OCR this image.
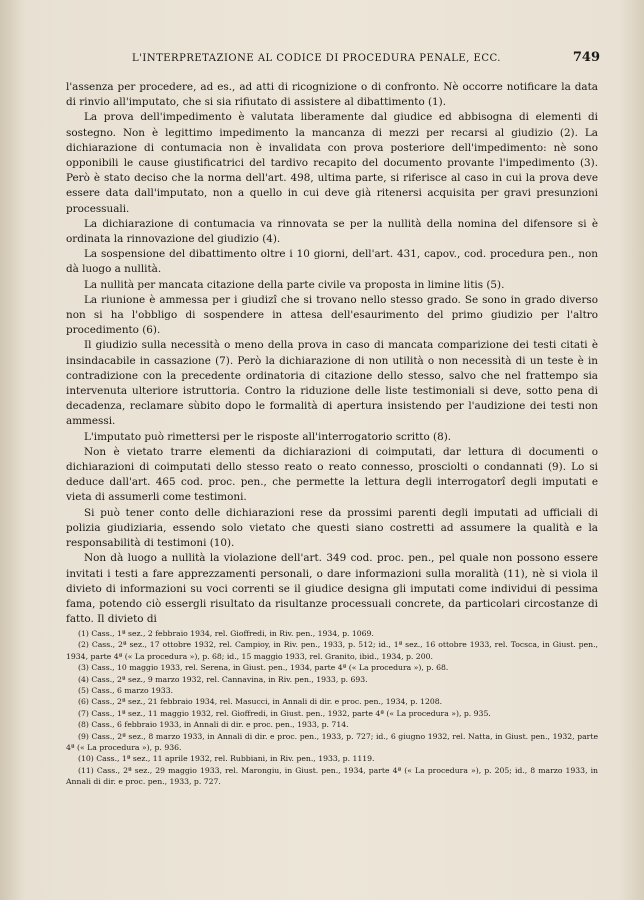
L'INTERPRETAZIONE AL CODICE DI PROCEDURA PENALE, ECC.	749

l'assenza per procedere, ad es., ad atti di ricognizione o di confronto. Nè occorre notificare la data di rinvio all'imputato, che si sia rifiutato di assistere al dibattimento (1).

La prova dell'impedimento è valutata liberamente dal giudice ed abbisogna di elementi di sostegno. Non è legittimo impedimento la mancanza di mezzi per recarsi al giudizio (2). La dichiarazione di contumacia non è invalidata con prova posteriore dell'impedimento: nè sono opponibili le cause giustificatrici del tardivo recapito del documento provante l'impedimento (3). Però è stato deciso che la norma dell'art. 498, ultima parte, si riferisce al caso in cui la prova deve essere data dall'imputato, non a quello in cui deve già ritenersi acquisita per gravi presunzioni processuali.

La dichiarazione di contumacia va rinnovata se per la nullità della nomina del difensore si è ordinata la rinnovazione del giudizio (4).

La sospensione del dibattimento oltre i 10 giorni, dell'art. 431, capov., cod. procedura pen., non dà luogo a nullità.

La nullità per mancata citazione della parte civile va proposta in limine litis (5).

La riunione è ammessa per i giudizî che si trovano nello stesso grado. Se sono in grado diverso non si ha l'obbligo di sospendere in attesa dell'esaurimento del primo giudizio per l'altro procedimento (6).

Il giudizio sulla necessità o meno della prova in caso di mancata comparizione dei testi citati è insindacabile in cassazione (7). Però la dichiarazione di non utilità o non necessità di un teste è in contradizione con la precedente ordinatoria di citazione dello stesso, salvo che nel frattempo sia intervenuta ulteriore istruttoria. Contro la riduzione delle liste testimoniali si deve, sotto pena di decadenza, reclamare sùbito dopo le formalità di apertura insistendo per l'audizione dei testi non ammessi.

L'imputato può rimettersi per le risposte all'interrogatorio scritto (8).

Non è vietato trarre elementi da dichiarazioni di coimputati, dar lettura di documenti o dichiarazioni di coimputati dello stesso reato o reato connesso, prosciolti o condannati (9). Lo si deduce dall'art. 465 cod. proc. pen., che permette la lettura degli interrogatorî degli imputati e vieta di assumerli come testimoni.

Si può tener conto delle dichiarazioni rese da prossimi parenti degli imputati ad ufficiali di polizia giudiziaria, essendo solo vietato che questi siano costretti ad assumere la qualità e la responsabilità di testimoni (10).

Non dà luogo a nullità la violazione dell'art. 349 cod. proc. pen., pel quale non possono essere invitati i testi a fare apprezzamenti personali, o dare informazioni sulla moralità (11), nè si viola il divieto di informazioni su voci correnti se il giudice designa gli imputati come individui di pessima fama, potendo ciò essergli risultato da risultanze processuali concrete, da particolari circostanze di fatto. Il divieto di

(1) Cass., 1ª sez., 2 febbraio 1934, rel. Gioffredi, in Riv. pen., 1934, p. 1069.

(2) Cass., 2ª sez., 17 ottobre 1932, rel. Campioy, in Riv. pen., 1933, p. 512; id., 1ª sez., 16 ottobre 1933, rel. Tocsca, in Giust. pen., 1934, parte 4ª (« La procedura »), p. 68; id., 15 maggio 1933, rel. Granito, ibid., 1934, p. 200.

(3) Cass., 10 maggio 1933, rel. Serena, in Giust. pen., 1934, parte 4ª (« La procedura »), p. 68.

(4) Cass., 2ª sez., 9 marzo 1932, rel. Cannavina, in Riv. pen., 1933, p. 693.

(5) Cass., 6 marzo 1933.

(6) Cass., 2ª sez., 21 febbraio 1934, rel. Masucci, in Annali di dir. e proc. pen., 1934, p. 1208.

(7) Cass., 1ª sez., 11 maggio 1932, rel. Gioffredi, in Giust. pen., 1932, parte 4ª (« La procedura »), p. 935.

(8) Cass., 6 febbraio 1933, in Annali di dir. e proc. pen., 1933, p. 714.

(9) Cass., 2ª sez., 8 marzo 1933, in Annali di dir. e proc. pen., 1933, p. 727; id., 6 giugno 1932, rel. Natta, in Giust. pen., 1932, parte 4ª (« La procedura »), p. 936.

(10) Cass., 1ª sez., 11 aprile 1932, rel. Rubbiani, in Riv. pen., 1933, p. 1119.

(11) Cass., 2ª sez., 29 maggio 1933, rel. Marongiu, in Giust. pen., 1934, parte 4ª (« La procedura »), p. 205; id., 8 marzo 1933, in Annali di dir. e proc. pen., 1933, p. 727.
